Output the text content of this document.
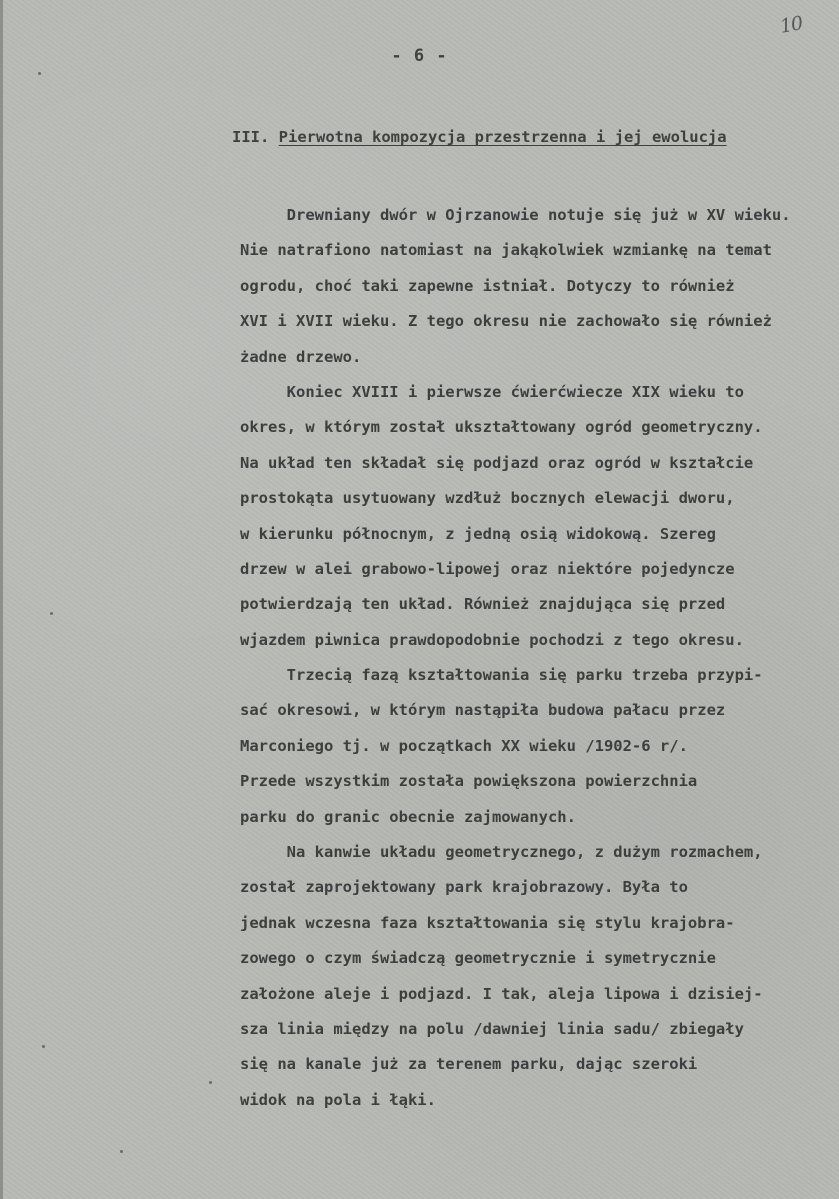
10
- 6 -
III. Pierwotna kompozycja przestrzenna i jej ewolucja
Drewniany dwór w Ojrzanowie notuje się już w XV wieku.
Nie natrafiono natomiast na jakąkolwiek wzmiankę na temat
ogrodu, choć taki zapewne istniał. Dotyczy to również
XVI i XVII wieku. Z tego okresu nie zachowało się również
żadne drzewo.
Koniec XVIII i pierwsze ćwierćwiecze XIX wieku to
okres, w którym został ukształtowany ogród geometryczny.
Na układ ten składał się podjazd oraz ogród w kształcie
prostokąta usytuowany wzdłuż bocznych elewacji dworu,
w kierunku północnym, z jedną osią widokową. Szereg
drzew w alei grabowo-lipowej oraz niektóre pojedyncze
potwierdzają ten układ. Również znajdująca się przed
wjazdem piwnica prawdopodobnie pochodzi z tego okresu.
Trzecią fazą kształtowania się parku trzeba przypi-
sać okresowi, w którym nastąpiła budowa pałacu przez
Marconiego tj. w początkach XX wieku /1902-6 r/.
Przede wszystkim została powiększona powierzchnia
parku do granic obecnie zajmowanych.
Na kanwie układu geometrycznego, z dużym rozmachem,
został zaprojektowany park krajobrazowy. Była to
jednak wczesna faza kształtowania się stylu krajobra-
zowego o czym świadczą geometrycznie i symetrycznie
założone aleje i podjazd. I tak, aleja lipowa i dzisiej-
sza linia między na polu /dawniej linia sadu/ zbiegały
się na kanale już za terenem parku, dając szeroki
widok na pola i łąki.
